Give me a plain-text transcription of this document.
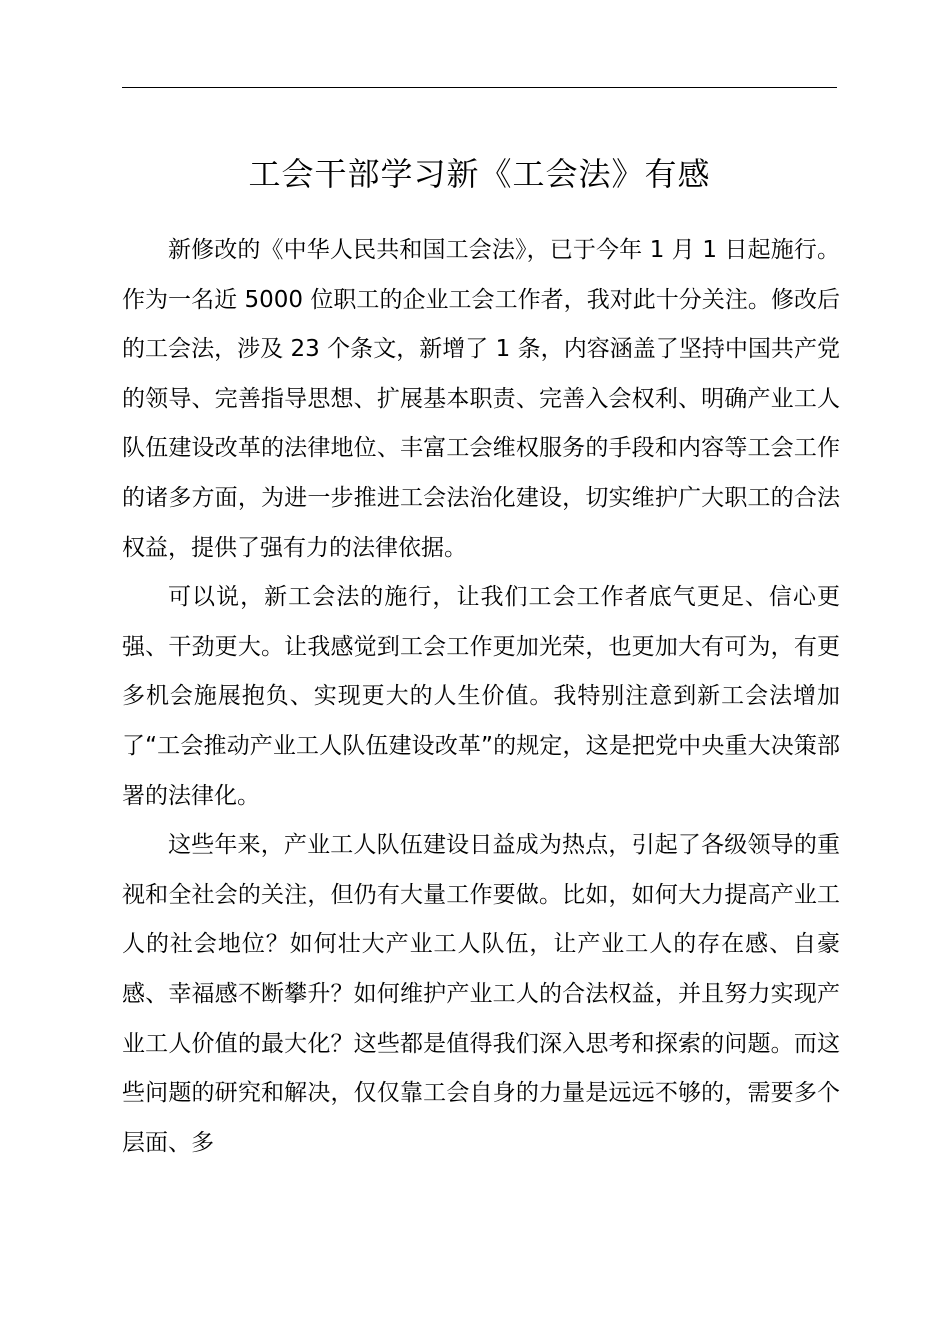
工会干部学习新《工会法》有感

新修改的《中华人民共和国工会法》，已于今年 1 月 1 日起施行。作为一名近 5000 位职工的企业工会工作者，我对此十分关注。修改后的工会法，涉及 23 个条文，新增了 1 条，内容涵盖了坚持中国共产党的领导、完善指导思想、扩展基本职责、完善入会权利、明确产业工人队伍建设改革的法律地位、丰富工会维权服务的手段和内容等工会工作的诸多方面，为进一步推进工会法治化建设，切实维护广大职工的合法权益，提供了强有力的法律依据。

可以说，新工会法的施行，让我们工会工作者底气更足、信心更强、干劲更大。让我感觉到工会工作更加光荣，也更加大有可为，有更多机会施展抱负、实现更大的人生价值。我特别注意到新工会法增加了“工会推动产业工人队伍建设改革”的规定，这是把党中央重大决策部署的法律化。

这些年来，产业工人队伍建设日益成为热点，引起了各级领导的重视和全社会的关注，但仍有大量工作要做。比如，如何大力提高产业工人的社会地位？如何壮大产业工人队伍，让产业工人的存在感、自豪感、幸福感不断攀升？如何维护产业工人的合法权益，并且努力实现产业工人价值的最大化？这些都是值得我们深入思考和探索的问题。而这些问题的研究和解决，仅仅靠工会自身的力量是远远不够的，需要多个层面、多
